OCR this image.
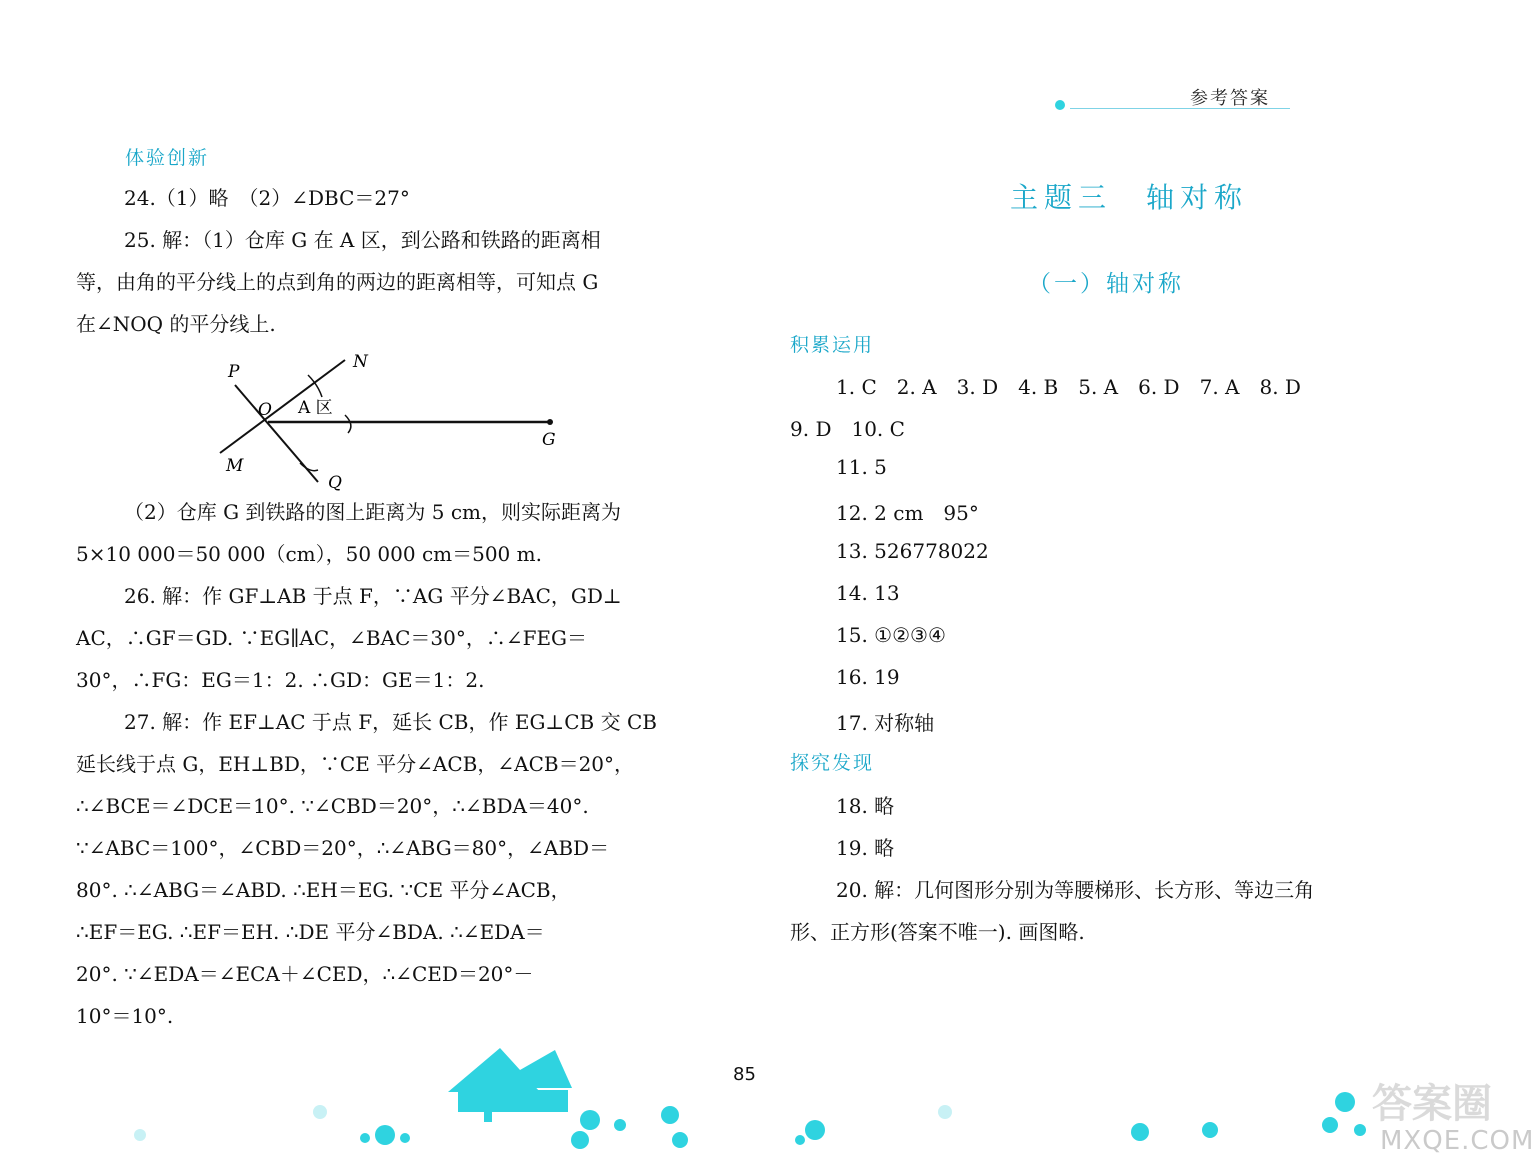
参考答案
体验创新
24.（1）略　（2）∠DBC＝27°
25. 解：（1）仓库 G 在 A 区，到公路和铁路的距离相
等，由角的平分线上的点到角的两边的距离相等，可知点 G
在∠NOQ 的平分线上.
P	N
O A 区
G
M
Q
（2）仓库 G 到铁路的图上距离为 5 cm，则实际距离为
5×10 000＝50 000（cm），50 000 cm＝500 m.
26. 解：作 GF⊥AB 于点 F，∵AG 平分∠BAC，GD⊥
AC，∴GF＝GD. ∵EG∥AC，∠BAC＝30°，∴∠FEG＝
30°，∴FG：EG＝1：2. ∴GD：GE＝1：2.
27. 解：作 EF⊥AC 于点 F，延长 CB，作 EG⊥CB 交 CB
延长线于点 G，EH⊥BD，∵CE 平分∠ACB，∠ACB＝20°，
∴∠BCE＝∠DCE＝10°. ∵∠CBD＝20°，∴∠BDA＝40°.
∵∠ABC＝100°，∠CBD＝20°，∴∠ABG＝80°，∠ABD＝
80°. ∴∠ABG＝∠ABD. ∴EH＝EG. ∵CE 平分∠ACB，
∴EF＝EG. ∴EF＝EH. ∴DE 平分∠BDA. ∴∠EDA＝
20°. ∵∠EDA＝∠ECA＋∠CED，∴∠CED＝20°－
10°＝10°.
主题三　轴对称
（一）轴对称
积累运用
1. C　2. A　3. D　4. B　5. A　6. D　7. A　8. D
9. D　10. C
11. 5
12. 2 cm　95°
13. 526778022
14. 13
15. ①②③④
16. 19
17. 对称轴
探究发现
18. 略
19. 略
20. 解：几何图形分别为等腰梯形、长方形、等边三角
形、正方形(答案不唯一). 画图略.
85
答案圈
MXQE.COM
